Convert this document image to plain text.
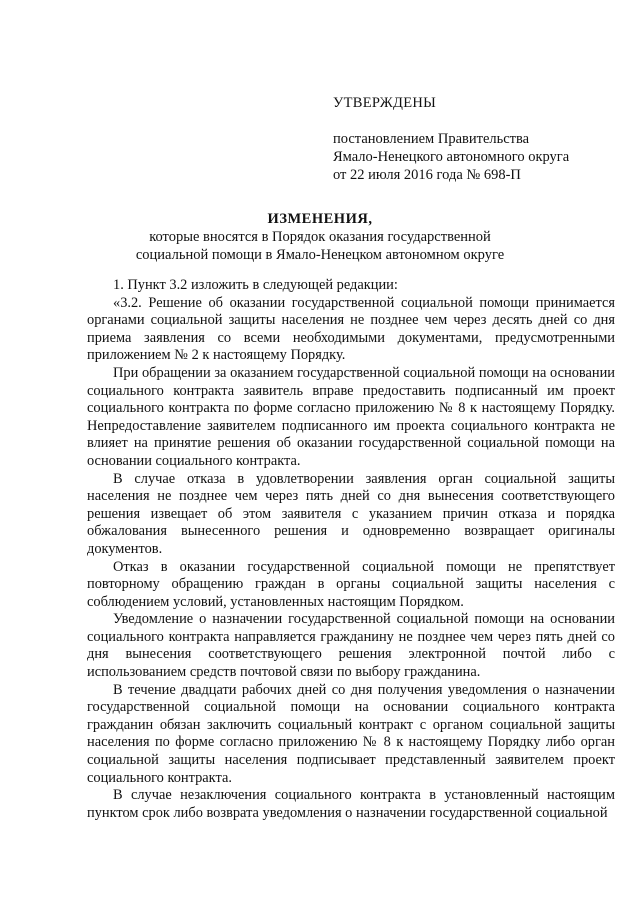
УТВЕРЖДЕНЫ
постановлением Правительства
Ямало-Ненецкого автономного округа
от 22 июля 2016 года № 698-П
ИЗМЕНЕНИЯ,
которые вносятся в Порядок оказания государственной
социальной помощи в Ямало-Ненецком автономном округе

1. Пункт 3.2 изложить в следующей редакции:

«3.2. Решение об оказании государственной социальной помощи принимается органами социальной защиты населения не позднее чем через десять дней со дня приема заявления со всеми необходимыми документами, предусмотренными приложением № 2 к настоящему Порядку.

При обращении за оказанием государственной социальной помощи на основании социального контракта заявитель вправе предоставить подписанный им проект социального контракта по форме согласно приложению № 8 к настоящему Порядку. Непредоставление заявителем подписанного им проекта социального контракта не влияет на принятие решения об оказании государственной социальной помощи на основании социального контракта.

В случае отказа в удовлетворении заявления орган социальной защиты населения не позднее чем через пять дней со дня вынесения соответствующего решения извещает об этом заявителя с указанием причин отказа и порядка обжалования вынесенного решения и одновременно возвращает оригиналы документов.

Отказ в оказании государственной социальной помощи не препятствует повторному обращению граждан в органы социальной защиты населения с соблюдением условий, установленных настоящим Порядком.

Уведомление о назначении государственной социальной помощи на основании социального контракта направляется гражданину не позднее чем через пять дней со дня вынесения соответствующего решения электронной почтой либо с использованием средств почтовой связи по выбору гражданина.

В течение двадцати рабочих дней со дня получения уведомления о назначении государственной социальной помощи на основании социального контракта гражданин обязан заключить социальный контракт с органом социальной защиты населения по форме согласно приложению № 8 к настоящему Порядку либо орган социальной защиты населения подписывает представленный заявителем проект социального контракта.

В случае незаключения социального контракта в установленный настоящим пунктом срок либо возврата уведомления о назначении государственной социальной
